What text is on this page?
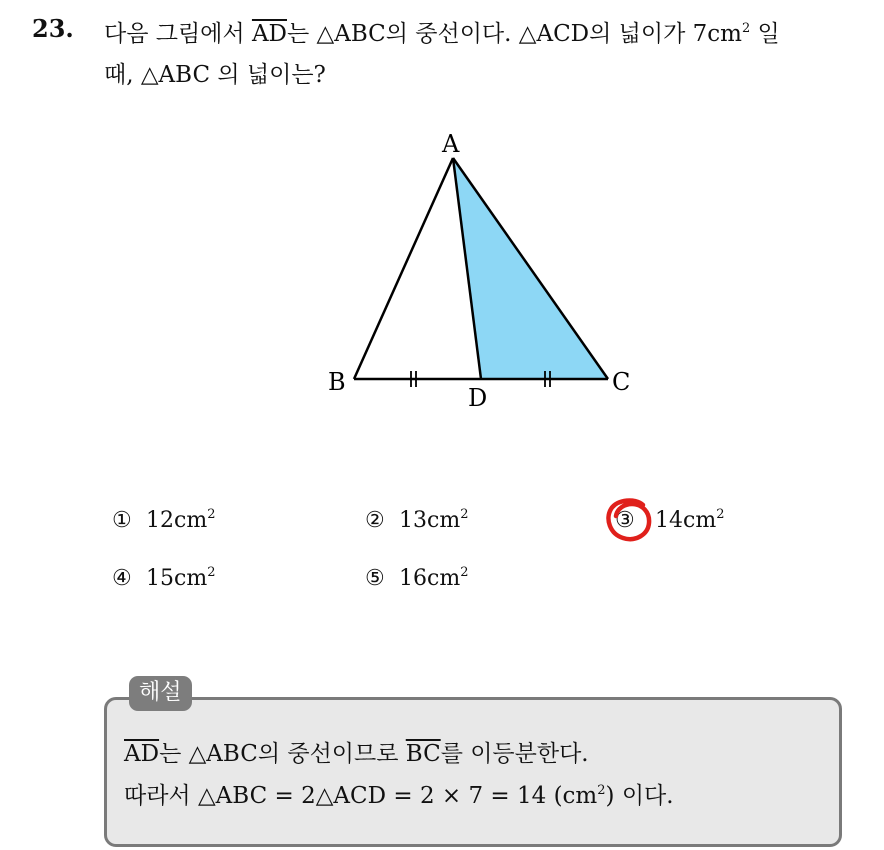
23. 다음 그림에서 $\overline{AD}$는 △ABC의 중선이다. △ACD의 넓이가 $7cm^2$ 일
때, △ABC 의 넓이는?
A
B	C
D
① $12cm^2$	② $13cm^2$	③ $14cm^2$
④ $15cm^2$	⑤ $16cm^2$
해설
$\overline{AD}$는 △ABC의 중선이므로 $\overline{BC}$를 이등분한다.
따라서 △ABC = 2△ACD = 2 × 7 = 14 $(cm^2)$ 이다.
